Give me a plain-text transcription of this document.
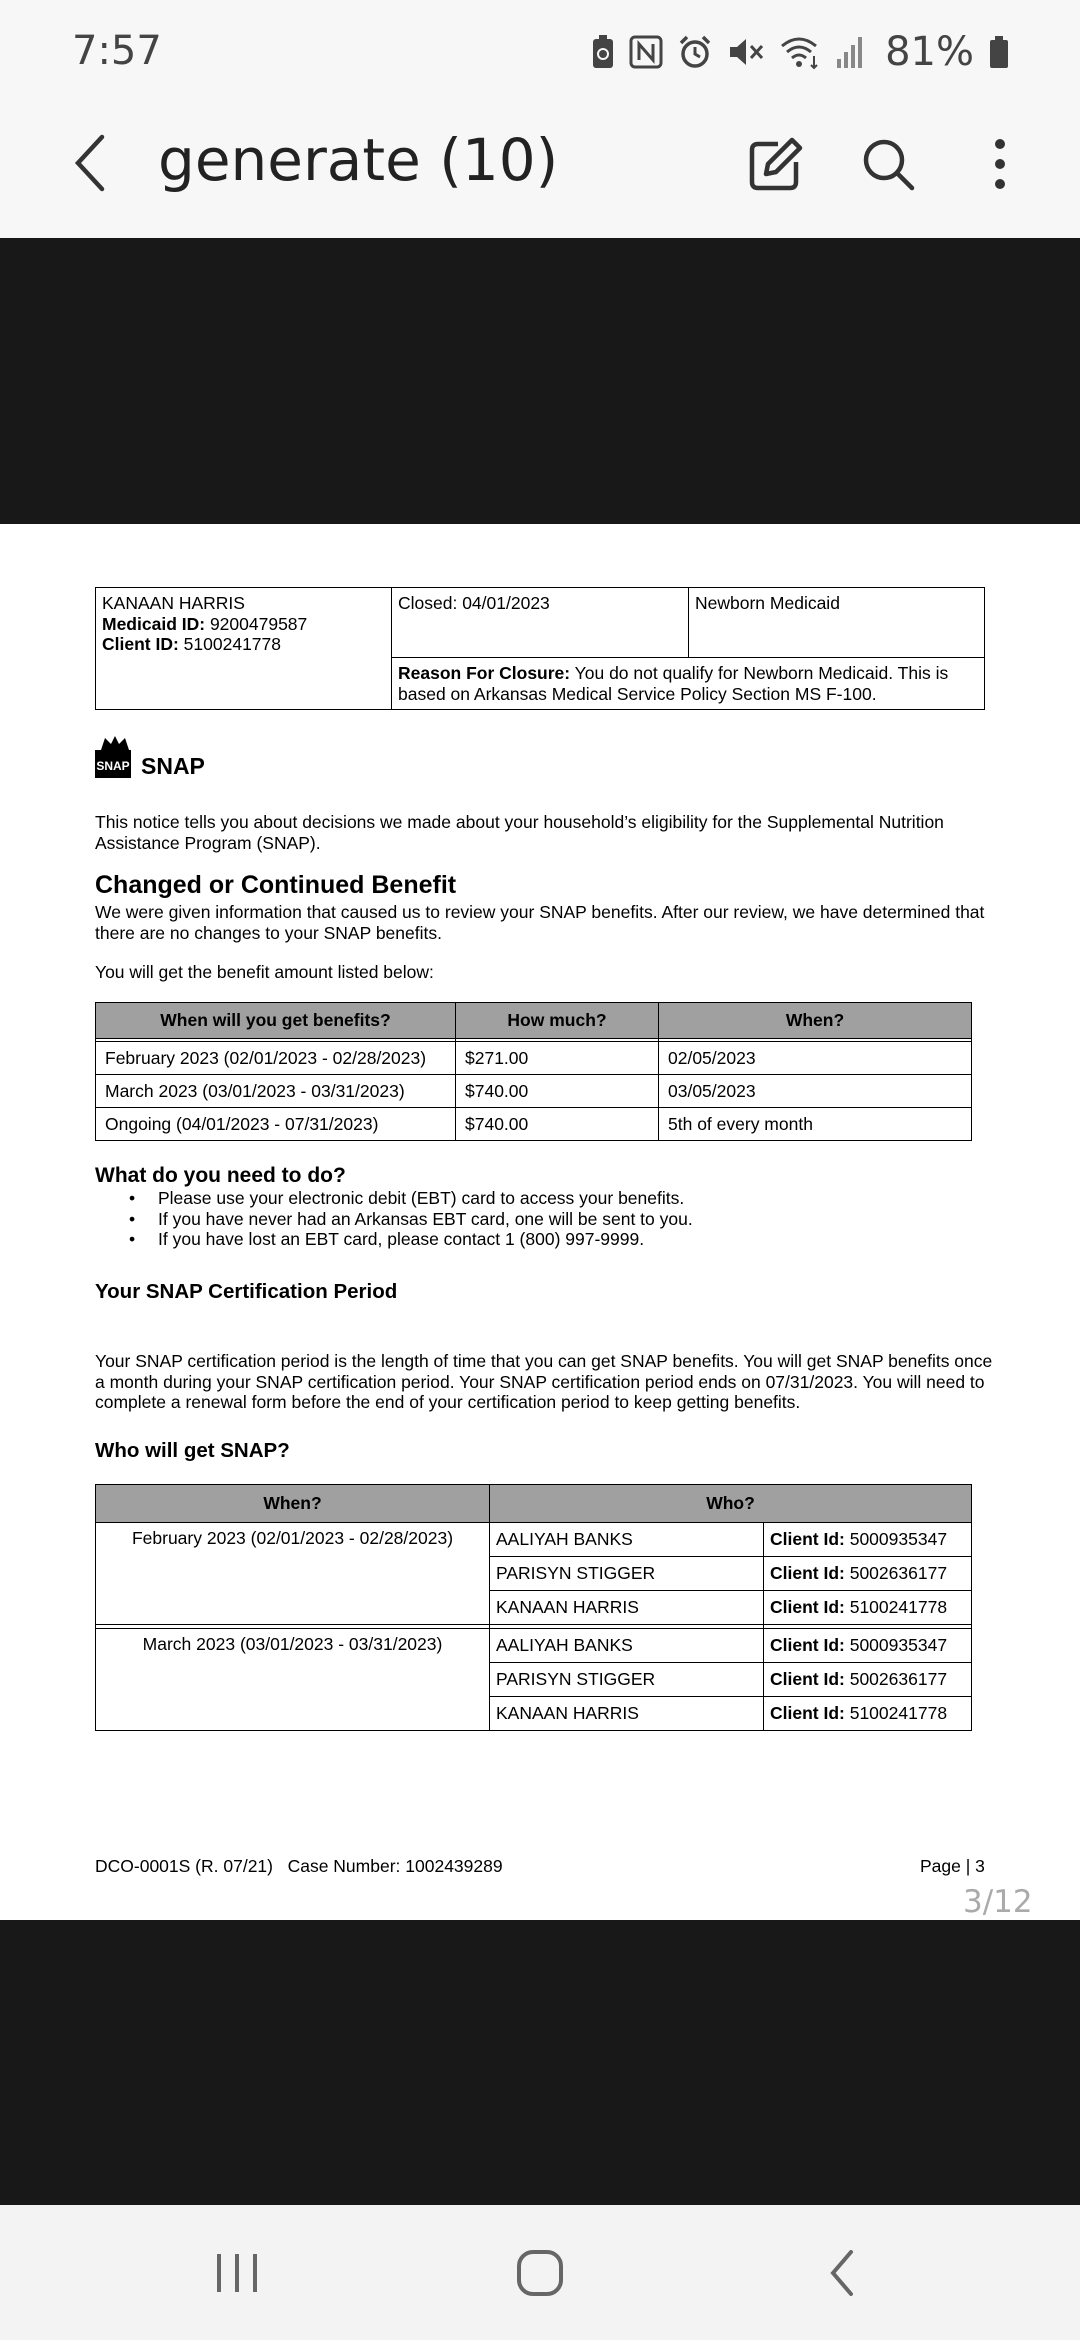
7:57	81%
generate (10)
KANAAN HARRIS
Medicaid ID: 9200479587
Client ID: 5100241778
	Closed: 04/01/2023	Newborn Medicaid
Reason For Closure: You do not qualify for Newborn Medicaid. This is based on Arkansas Medical Service Policy Section MS F-100.
SNAP SNAP
This notice tells you about decisions we made about your household’s eligibility for the Supplemental Nutrition Assistance Program (SNAP).
Changed or Continued Benefit
We were given information that caused us to review your SNAP benefits. After our review, we have determined that there are no changes to your SNAP benefits.
You will get the benefit amount listed below:
When will you get benefits?	How much?	When?

February 2023 (02/01/2023 - 02/28/2023)	$271.00	02/05/2023
March 2023 (03/01/2023 - 03/31/2023)	$740.00	03/05/2023
Ongoing (04/01/2023 - 07/31/2023)	$740.00	5th of every month
What do you need to do?
• Please use your electronic debit (EBT) card to access your benefits.
• If you have never had an Arkansas EBT card, one will be sent to you.
• If you have lost an EBT card, please contact 1 (800) 997-9999.
Your SNAP Certification Period
Your SNAP certification period is the length of time that you can get SNAP benefits. You will get SNAP benefits once a month during your SNAP certification period. Your SNAP certification period ends on 07/31/2023. You will need to complete a renewal form before the end of your certification period to keep getting benefits.
Who will get SNAP?
When?	Who?	
February 2023 (02/01/2023 - 02/28/2023)	AALIYAH BANKS	Client Id: 5000935347
	PARISYN STIGGER	Client Id: 5002636177
	KANAAN HARRIS	Client Id: 5100241778

March 2023 (03/01/2023 - 03/31/2023)	AALIYAH BANKS	Client Id: 5000935347
	PARISYN STIGGER	Client Id: 5002636177
	KANAAN HARRIS	Client Id: 5100241778
DCO-0001S (R. 07/21)   Case Number: 1002439289	Page | 3
3/12
